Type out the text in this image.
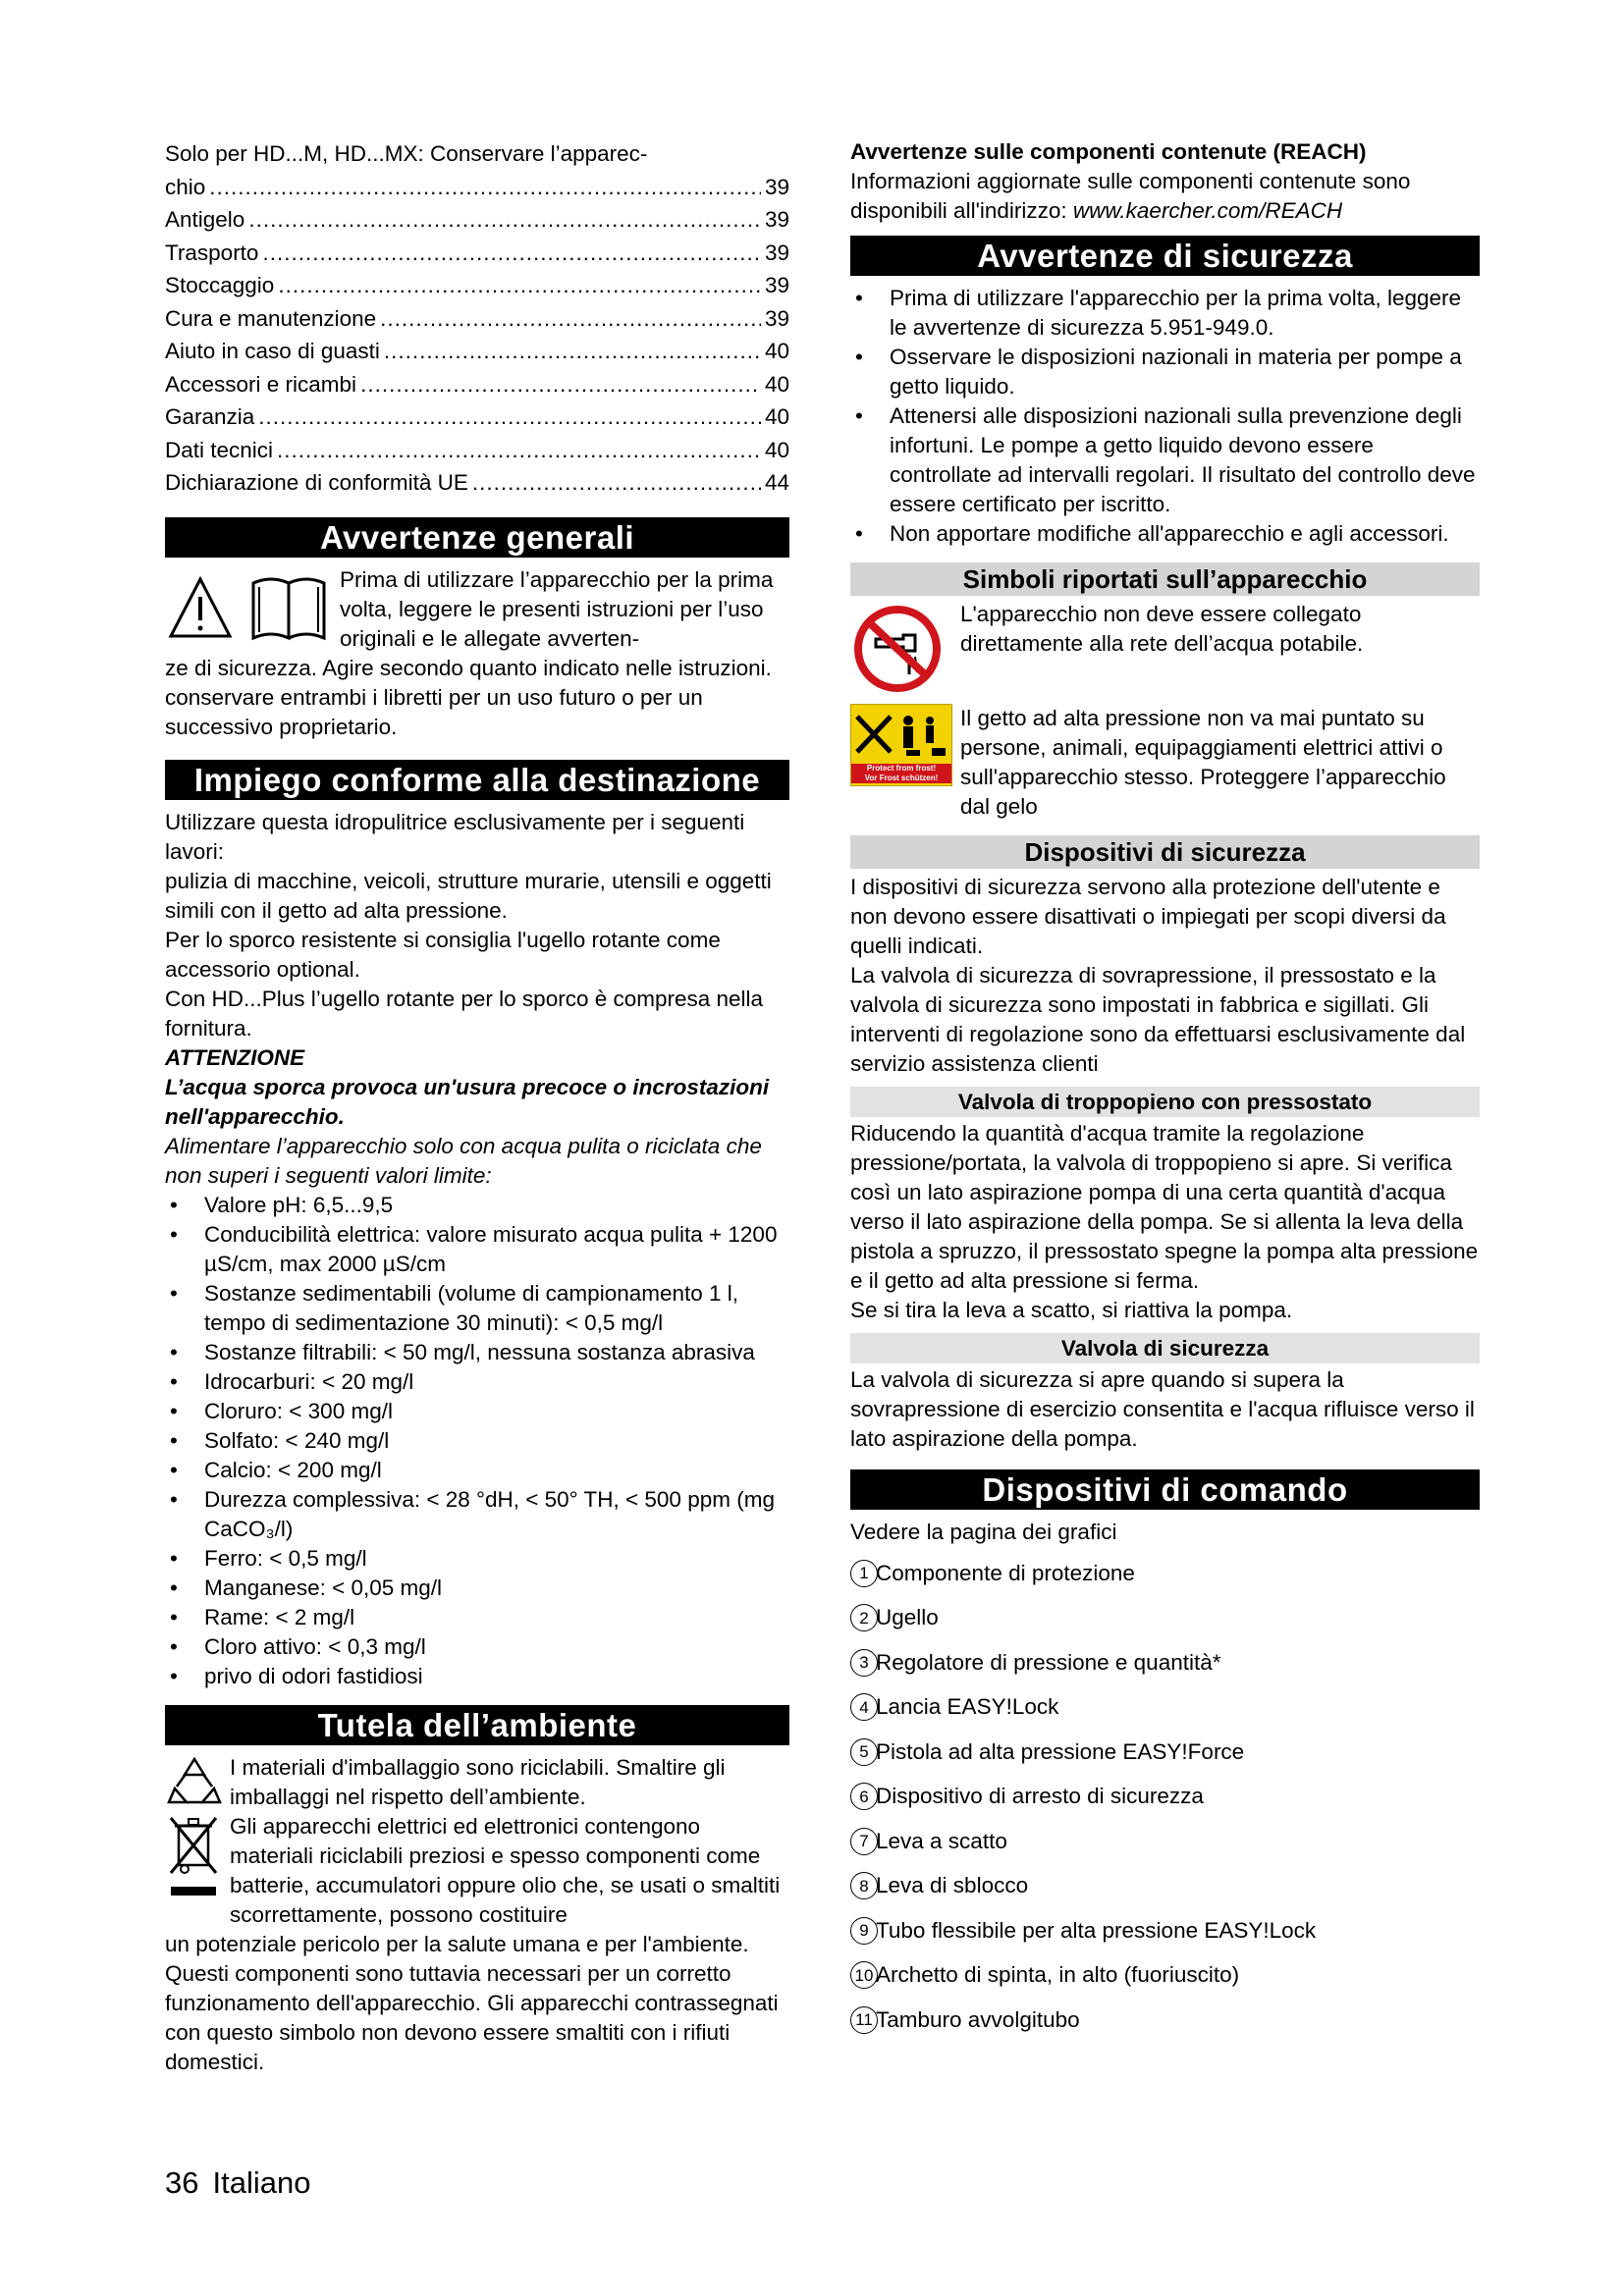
Solo per HD...M, HD...MX: Conservare l’apparec-
chio .....	39
Antigelo .....	39
Trasporto .....	39
Stoccaggio .....	39
Cura e manutenzione .....	39
Aiuto in caso di guasti .....	40
Accessori e ricambi .....	40
Garanzia .....	40
Dati tecnici .....	40
Dichiarazione di conformità UE .....	44
Avvertenze generali
Prima di utilizzare l’apparecchio per la prima volta, leggere le presenti istruzioni per l’uso originali e le allegate avverten-

ze di sicurezza. Agire secondo quanto indicato nelle istruzioni.

conservare entrambi i libretti per un uso futuro o per un successivo proprietario.

Impiego conforme alla destinazione

Utilizzare questa idropulitrice esclusivamente per i seguenti lavori:

pulizia di macchine, veicoli, strutture murarie, utensili e oggetti simili con il getto ad alta pressione.

Per lo sporco resistente si consiglia l'ugello rotante come accessorio optional.

Con HD...Plus l’ugello rotante per lo sporco è compresa nella fornitura.

ATTENZIONE

L’acqua sporca provoca un'usura precoce o incrostazioni nell'apparecchio.

Alimentare l’apparecchio solo con acqua pulita o riciclata che non superi i seguenti valori limite:

• Valore pH: 6,5...9,5
• Conducibilità elettrica: valore misurato acqua pulita + 1200 µS/cm, max 2000 µS/cm
• Sostanze sedimentabili (volume di campionamento 1 l, tempo di sedimentazione 30 minuti): < 0,5 mg/l
• Sostanze filtrabili: < 50 mg/l, nessuna sostanza abrasiva
• Idrocarburi: < 20 mg/l
• Cloruro: < 300 mg/l
• Solfato: < 240 mg/l
• Calcio: < 200 mg/l
• Durezza complessiva: < 28 °dH, < 50° TH, < 500 ppm (mg CaCO₃/l)
• Ferro: < 0,5 mg/l
• Manganese: < 0,05 mg/l
• Rame: < 2 mg/l
• Cloro attivo: < 0,3 mg/l
• privo di odori fastidiosi
Tutela dell’ambiente
I materiali d'imballaggio sono riciclabili. Smaltire gli imballaggi nel rispetto dell’ambiente.
Gli apparecchi elettrici ed elettronici contengono materiali riciclabili preziosi e spesso componenti come batterie, accumulatori oppure olio che, se usati o smaltiti scorrettamente, possono costituire

un potenziale pericolo per la salute umana e per l'ambiente. Questi componenti sono tuttavia necessari per un corretto funzionamento dell'apparecchio. Gli apparecchi contrassegnati con questo simbolo non devono essere smaltiti con i rifiuti domestici.

Avvertenze sulle componenti contenute (REACH)

Informazioni aggiornate sulle componenti contenute sono disponibili all'indirizzo: www.kaercher.com/REACH

Avvertenze di sicurezza
• Prima di utilizzare l'apparecchio per la prima volta, leggere le avvertenze di sicurezza 5.951-949.0.
• Osservare le disposizioni nazionali in materia per pompe a getto liquido.
• Attenersi alle disposizioni nazionali sulla prevenzione degli infortuni. Le pompe a getto liquido devono essere controllate ad intervalli regolari. Il risultato del controllo deve essere certificato per iscritto.
• Non apportare modifiche all'apparecchio e agli accessori.
Simboli riportati sull’apparecchio
L'apparecchio non deve essere collegato direttamente alla rete dell’acqua potabile.
Protect from frost!
Vor Frost schützen!
Il getto ad alta pressione non va mai puntato su persone, animali, equipaggiamenti elettrici attivi o sull'apparecchio stesso. Proteggere l’apparecchio dal gelo
Dispositivi di sicurezza

I dispositivi di sicurezza servono alla protezione dell'utente e non devono essere disattivati o impiegati per scopi diversi da quelli indicati.

La valvola di sicurezza di sovrapressione, il pressostato e la valvola di sicurezza sono impostati in fabbrica e sigillati. Gli interventi di regolazione sono da effettuarsi esclusivamente dal servizio assistenza clienti

Valvola di troppopieno con pressostato

Riducendo la quantità d'acqua tramite la regolazione pressione/portata, la valvola di troppopieno si apre. Si verifica così un lato aspirazione pompa di una certa quantità d'acqua verso il lato aspirazione della pompa. Se si allenta la leva della pistola a spruzzo, il pressostato spegne la pompa alta pressione e il getto ad alta pressione si ferma.

Se si tira la leva a scatto, si riattiva la pompa.

Valvola di sicurezza

La valvola di sicurezza si apre quando si supera la sovrapressione di esercizio consentita e l'acqua rifluisce verso il lato aspirazione della pompa.

Dispositivi di comando

Vedere la pagina dei grafici

1 Componente di protezione
2 Ugello
3 Regolatore di pressione e quantità*
4 Lancia EASY!Lock
5 Pistola ad alta pressione EASY!Force
6 Dispositivo di arresto di sicurezza
7 Leva a scatto
8 Leva di sblocco
9 Tubo flessibile per alta pressione EASY!Lock
10 Archetto di spinta, in alto (fuoriuscito)
11 Tamburo avvolgitubo
36 Italiano
